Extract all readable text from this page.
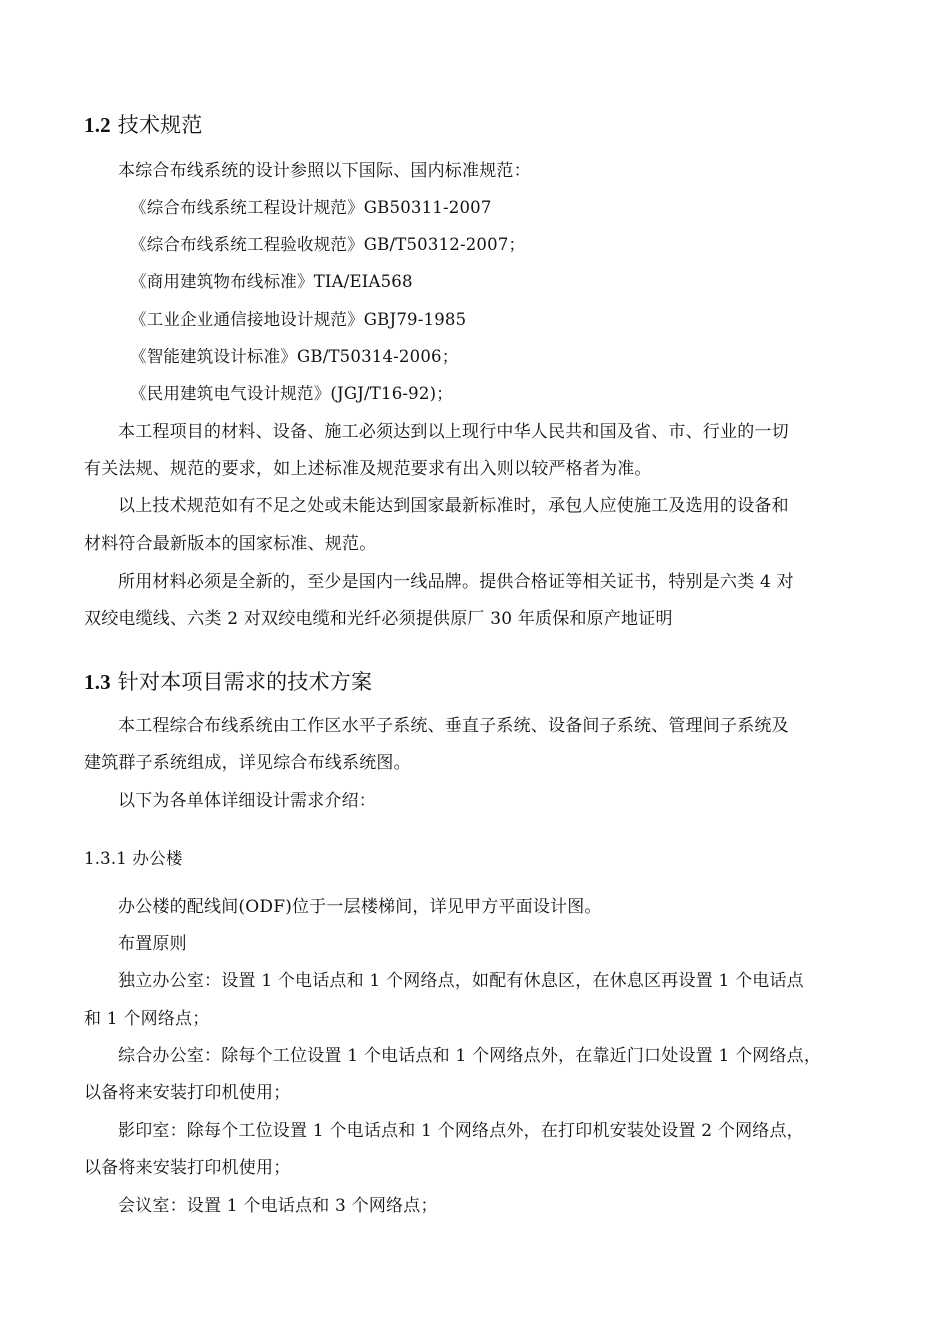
1.2 技术规范
本综合布线系统的设计参照以下国际、国内标准规范：
《综合布线系统工程设计规范》GB50311-2007
《综合布线系统工程验收规范》GB/T50312-2007；
《商用建筑物布线标准》TIA/EIA568
《工业企业通信接地设计规范》GBJ79-1985
《智能建筑设计标准》GB/T50314-2006；
《民用建筑电气设计规范》(JGJ/T16-92)；
本工程项目的材料、设备、施工必须达到以上现行中华人民共和国及省、市、行业的一切
有关法规、规范的要求，如上述标准及规范要求有出入则以较严格者为准。
以上技术规范如有不足之处或未能达到国家最新标准时，承包人应使施工及选用的设备和
材料符合最新版本的国家标准、规范。
所用材料必须是全新的，至少是国内一线品牌。提供合格证等相关证书，特别是六类 4 对
双绞电缆线、六类 2 对双绞电缆和光纤必须提供原厂 30 年质保和原产地证明
1.3 针对本项目需求的技术方案
本工程综合布线系统由工作区水平子系统、垂直子系统、设备间子系统、管理间子系统及
建筑群子系统组成，详见综合布线系统图。
以下为各单体详细设计需求介绍：
1.3.1 办公楼
办公楼的配线间(ODF)位于一层楼梯间，详见甲方平面设计图。
布置原则
独立办公室：设置 1 个电话点和 1 个网络点，如配有休息区，在休息区再设置 1 个电话点
和 1 个网络点；
综合办公室：除每个工位设置 1 个电话点和 1 个网络点外，在靠近门口处设置 1 个网络点，
以备将来安装打印机使用；
影印室：除每个工位设置 1 个电话点和 1 个网络点外，在打印机安装处设置 2 个网络点，
以备将来安装打印机使用；
会议室：设置 1 个电话点和 3 个网络点；
